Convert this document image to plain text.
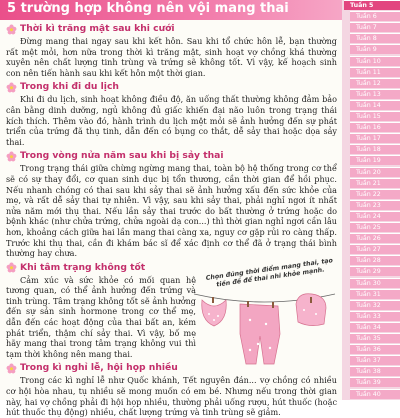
5 trường hợp không nên vội mang thai
Thời kì trăng mật sau khi cưới

Đừng mang thai ngay sau khi kết hôn. Sau khi tổ chức hôn lễ, bạn thường rất mệt mỏi, hơn nữa trong thời kì trăng mật, sinh hoạt vợ chồng khá thường xuyên nên chất lượng tinh trùng và trứng sẽ không tốt. Vì vậy, kế hoạch sinh con nên tiến hành sau khi kết hôn một thời gian.

Trong khi đi du lịch

Khi đi du lịch, sinh hoạt không điều độ, ăn uống thất thường không đảm bảo cân bằng dinh dưỡng, ngủ không đủ giấc khiến đại não luôn trong trạng thái kích thích. Thêm vào đó, hành trình du lịch mệt mỏi sẽ ảnh hưởng đến sự phát triển của trứng đã thụ tinh, dẫn đến có bụng co thắt, dễ sảy thai hoặc dọa sảy thai.

Trong vòng nửa năm sau khi bị sảy thai

Trong trạng thái giữa chừng ngừng mang thai, toàn bộ hệ thống trong cơ thể sẽ có sự thay đổi, cơ quan sinh dục bị tổn thương, cần thời gian để hồi phục. Nếu nhanh chóng có thai sau khi sảy thai sẽ ảnh hưởng xấu đến sức khỏe của mẹ, và rất dễ sảy thai tự nhiên. Vì vậy, sau khi sảy thai, phải nghỉ ngơi ít nhất nửa năm mới thụ thai. Nếu lần sảy thai trước do bất thường ở trứng hoặc do bệnh khác (như chửa trứng, chửa ngoài dạ con...) thì thời gian nghỉ ngơi cần lâu hơn, khoảng cách giữa hai lần mang thai càng xa, nguy cơ gặp rủi ro càng thấp. Trước khi thụ thai, cần đi khám bác sĩ để xác định cơ thể đã ở trạng thái bình thường hay chưa.

Khi tâm trạng không tốt

Cảm xúc và sức khỏe có mối quan hệ tương quan, có thể ảnh hưởng đến trứng và tinh trùng. Tâm trạng không tốt sẽ ảnh hưởng đến sự sản sinh hormone trong cơ thể mẹ, dẫn đến các hoạt động của thai bất an, kém phát triển, thậm chí sảy thai. Vì vậy, bố mẹ hãy mang thai trong tâm trạng không vui thì tạm thời không nên mang thai.

Chọn đúng thời điểm mang thai, tạo tiền đề để thai nhi khỏe mạnh.
Trong kì nghỉ lễ, hội họp nhiều

Trong các kì nghỉ lễ như Quốc khánh, Tết nguyên đán... vợ chồng có nhiều cơ hội hòa nhau, tụ nhiều sẽ mong muốn có em bé. Nhưng nếu trong thời gian này, hai vợ chồng phải đi hội họp nhiều, thường phải uống rượu, hút thuốc (hoặc hút thuốc thụ động) nhiều, chất lượng trứng và tinh trùng sẽ giảm.

Tuần 5
Tuần 6
Tuần 7
Tuần 8
Tuần 9
Tuần 10
Tuần 11
Tuần 12
Tuần 13
Tuần 14
Tuần 15
Tuần 16
Tuần 17
Tuần 18
Tuần 19
Tuần 20
Tuần 21
Tuần 22
Tuần 23
Tuần 24
Tuần 25
Tuần 26
Tuần 27
Tuần 28
Tuần 29
Tuần 30
Tuần 31
Tuần 32
Tuần 33
Tuần 34
Tuần 35
Tuần 36
Tuần 37
Tuần 38
Tuần 39
Tuần 40
